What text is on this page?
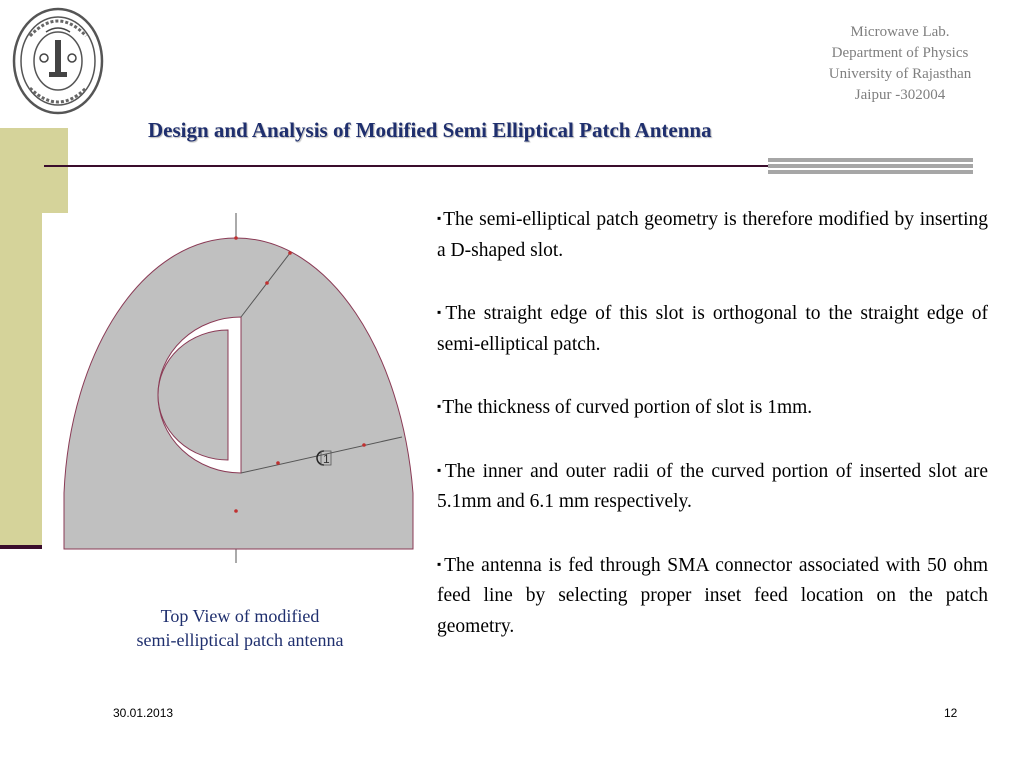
Microwave Lab.
Department of Physics
University of Rajasthan
Jaipur -302004
Design and Analysis of Modified Semi Elliptical Patch Antenna
1
Top View of modified
semi-elliptical patch antenna

▪The semi-elliptical patch geometry is therefore modified by inserting a D-shaped slot.

▪The straight edge of this slot is orthogonal to the straight edge of semi-elliptical patch.

▪The thickness of curved portion of slot is 1mm.

▪The inner and outer radii of the curved portion of inserted slot are 5.1mm and 6.1 mm respectively.

▪The antenna is fed through SMA connector associated with 50 ohm feed line by selecting proper inset feed location on the patch geometry.

30.01.2013	12
